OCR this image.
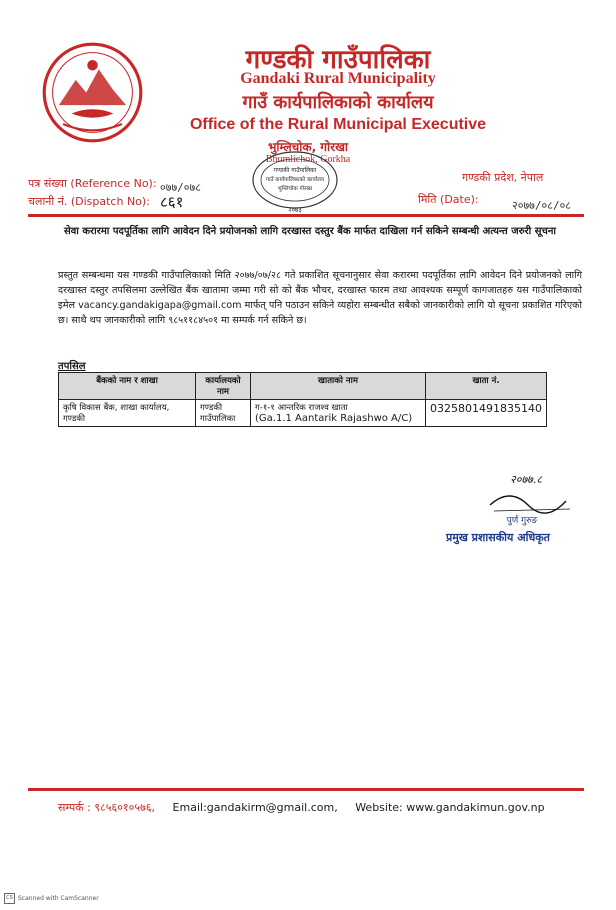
गण्डकी गाउँपालिका
Gandaki Rural Municipality
गाउँ कार्यपालिकाको कार्यालय
Office of the Rural Municipal Executive
भुम्लिचोक, गोरखा
Bhumlichok, Gorkha
गण्डकी गाउँपालिका
गाउँ कार्यपालिकाको कार्यालय
भुम्लिचोक गोरखा
२०७३
पत्र संख्या (Reference No): ०७७/०७८
चलानी नं. (Dispatch No): ८६१
गण्डकी प्रदेश, नेपाल
मिति (Date):	२०७७/०८/०८
सेवा करारमा पदपूर्तिका लागि आवेदन दिने प्रयोजनको लागि दरखास्त दस्तुर बैंक मार्फत दाखिला गर्न सकिने सम्बन्धी अत्यन्त जरुरी सूचना
प्रस्तुत सम्बन्धमा यस गण्डकी गाउँपालिकाको मिति २०७७/०७/२८ गते प्रकाशित सूचनानुसार सेवा करारमा पदपूर्तिका लागि आवेदन दिने प्रयोजनको लागि दरखास्त दस्तुर तपसिलमा उल्लेखित बैंक खातामा जम्मा गरी सो को बैंक भौचर, दरखास्त फारम तथा आवश्यक सम्पूर्ण कागजातहरु यस गाउँपालिकाको इमेल vacancy.gandakigapa@gmail.com मार्फत् पनि पठाउन सकिने व्यहोरा सम्बन्धीत सबैको जानकारीको लागि यो सूचना प्रकाशित गरिएको छ। साथै थप जानकारीको लागि ९८५११८४५०१ मा सम्पर्क गर्न सकिने छ।
तपसिल
बैंकको नाम र शाखा	कार्यालयको नाम	खाताको नाम	खाता नं.
कृषि विकास बैंक, शाखा कार्यालय, गण्डकी	गण्डकी गाउँपालिका	ग-१-१ आन्तरिक राजश्व खाता
(Ga.1.1 Aantarik Rajashwo A/C)	0325801491835140
२०७७.८
पुर्ण गुरुङ
प्रमुख प्रशासकीय अधिकृत
सम्पर्क : ९८५६०१०५७६, Email:gandakirm@gmail.com, Website: www.gandakimun.gov.np
CS Scanned with CamScanner
